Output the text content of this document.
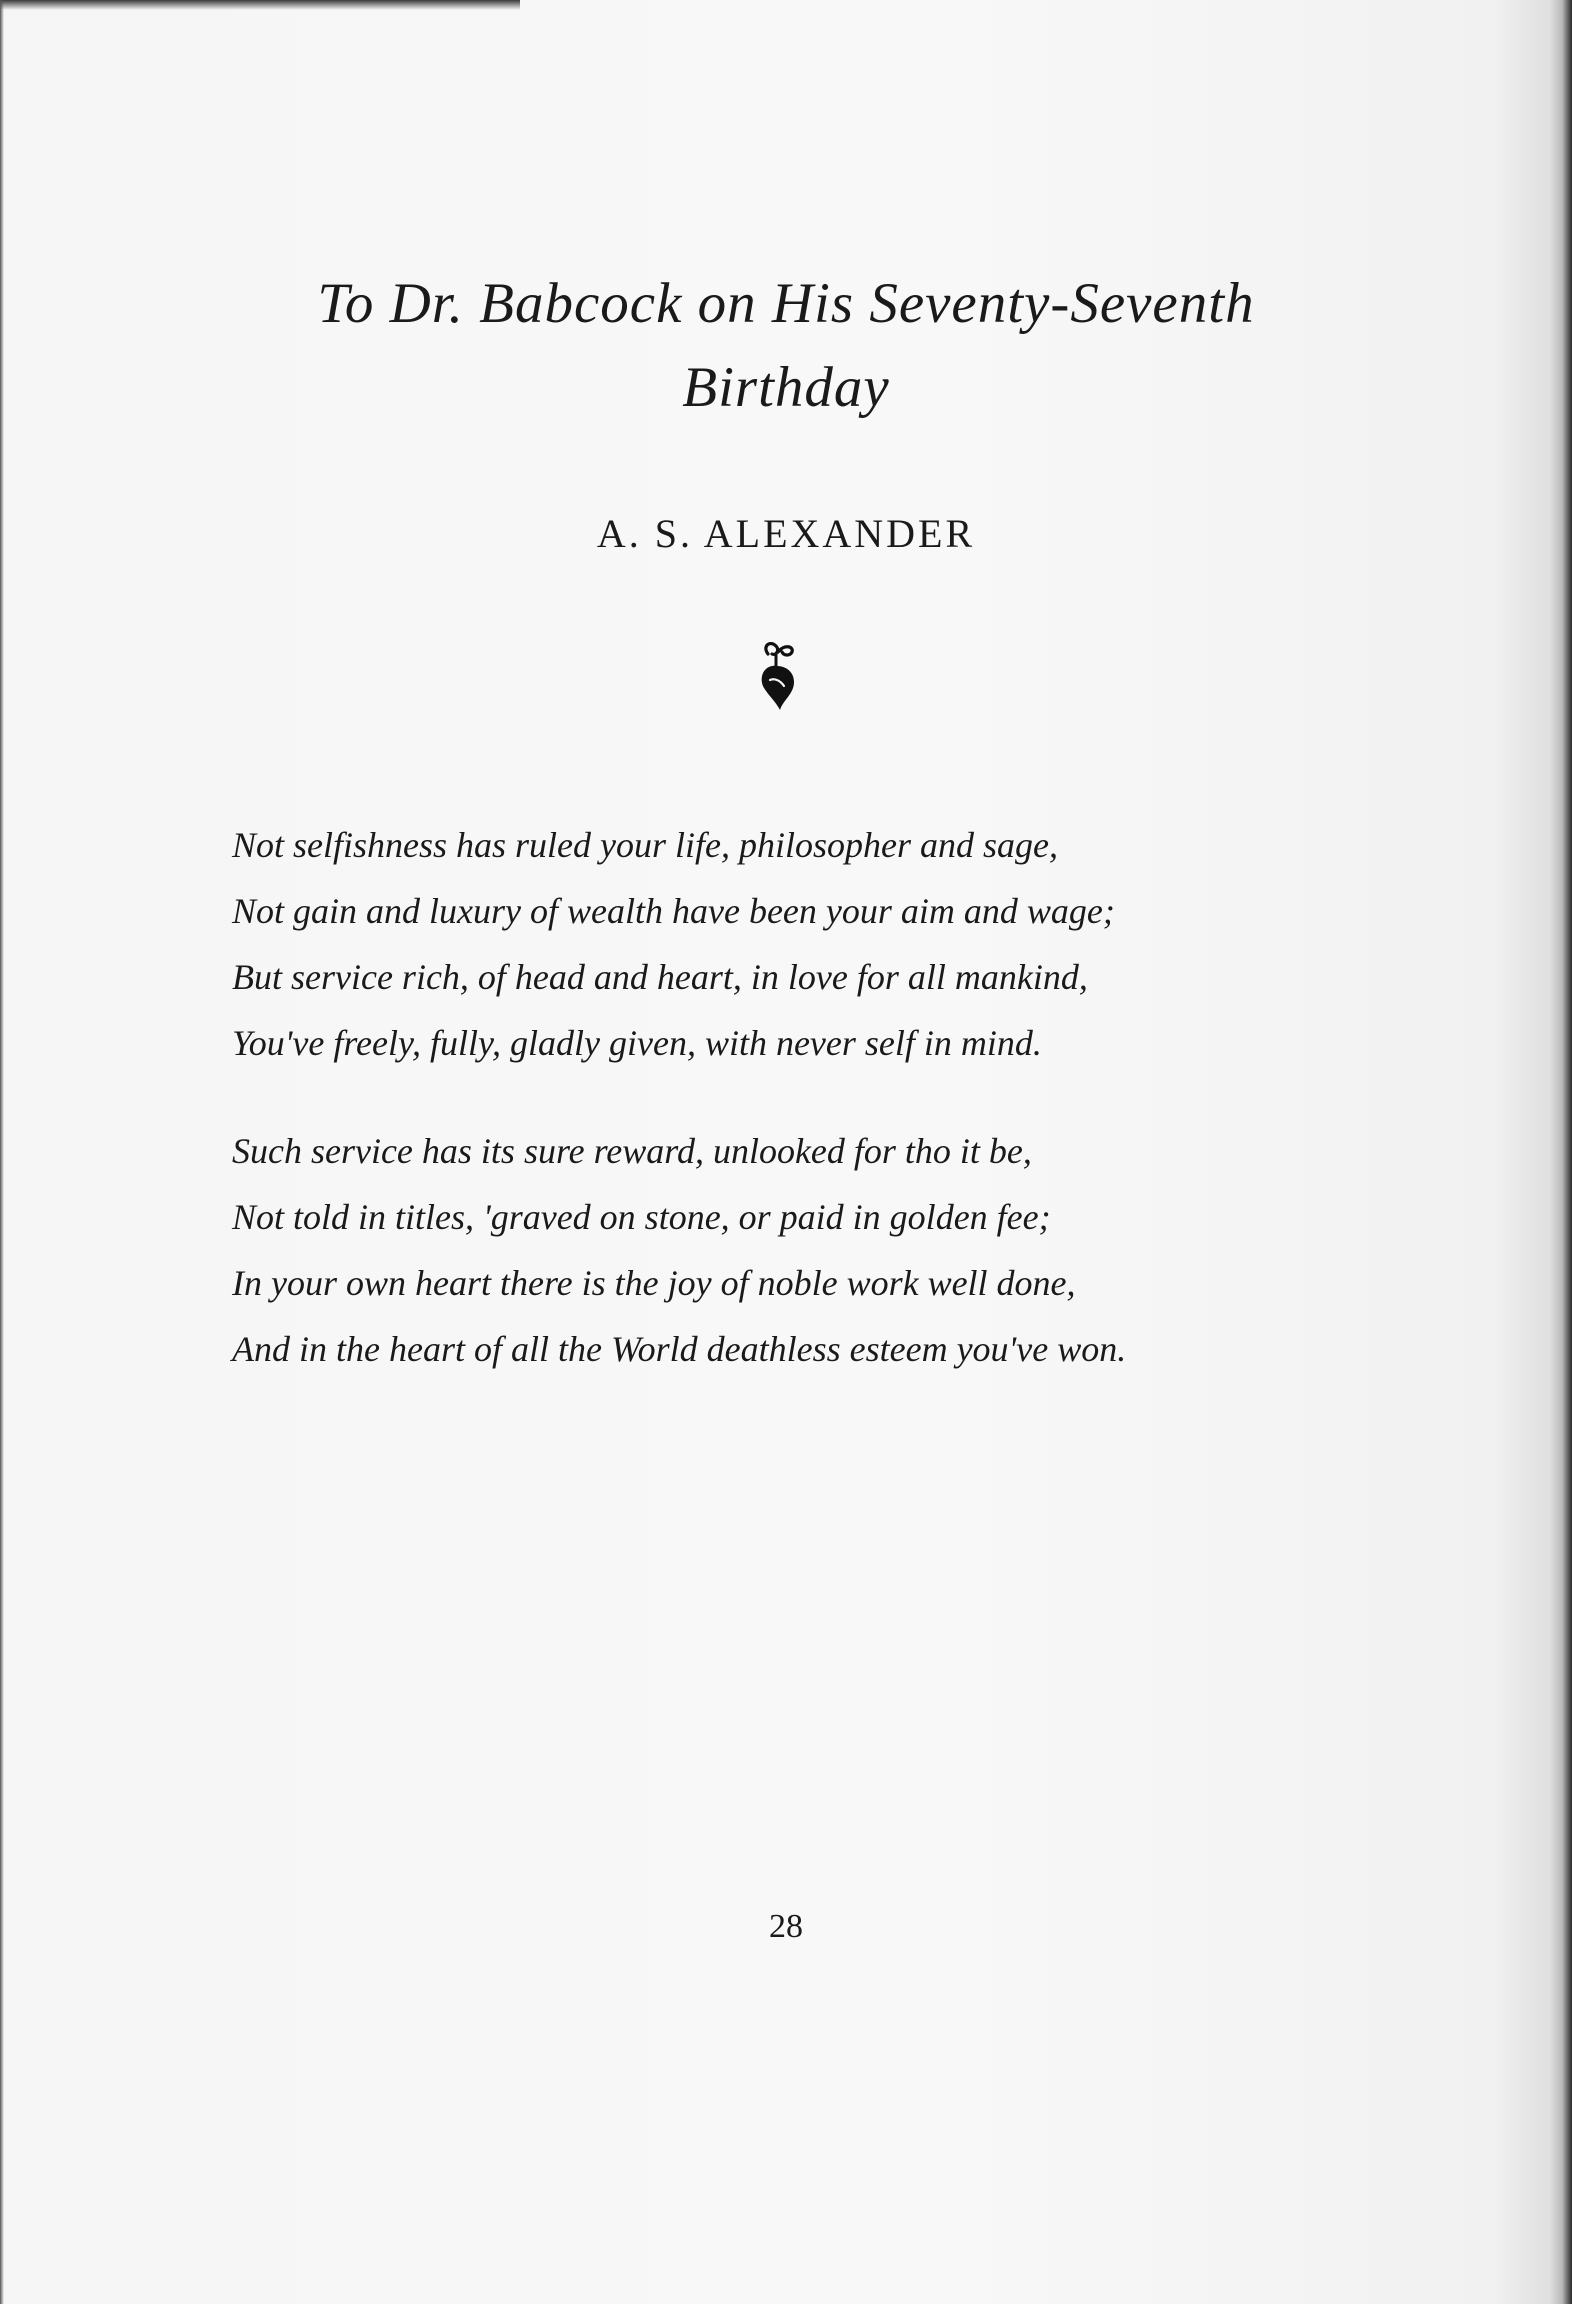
To Dr. Babcock on His Seventy-Seventh
Birthday
A. S. ALEXANDER

Not selfishness has ruled your life, philosopher and sage,
Not gain and luxury of wealth have been your aim and wage;
But service rich, of head and heart, in love for all mankind,
You've freely, fully, gladly given, with never self in mind.

Such service has its sure reward, unlooked for tho it be,
Not told in titles, 'graved on stone, or paid in golden fee;
In your own heart there is the joy of noble work well done,
And in the heart of all the World deathless esteem you've won.

28
